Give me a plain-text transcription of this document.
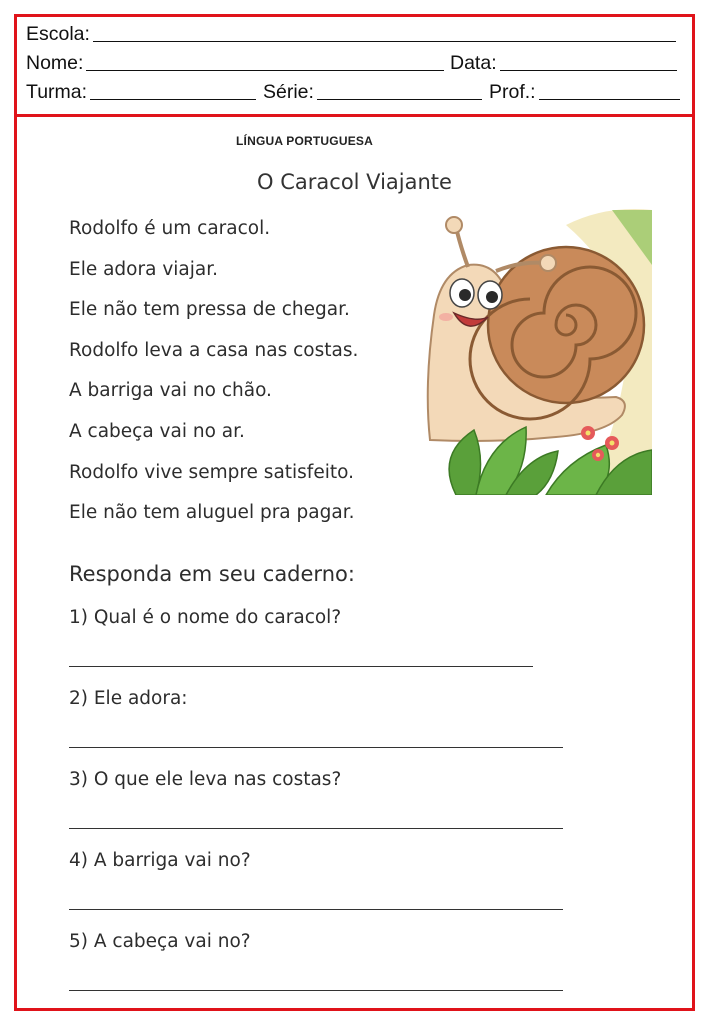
Escola:
Nome:	Data:
Turma:	Série:	Prof.:
LÍNGUA PORTUGUESA
O Caracol Viajante
Rodolfo é um caracol.
Ele adora viajar.
Ele não tem pressa de chegar.
Rodolfo leva a casa nas costas.
A barriga vai no chão.
A cabeça vai no ar.
Rodolfo vive sempre satisfeito.
Ele não tem aluguel pra pagar.
Responda em seu caderno:
1) Qual é o nome do caracol?
2) Ele adora:
3) O que ele leva nas costas?
4) A barriga vai no?
5) A cabeça vai no?
